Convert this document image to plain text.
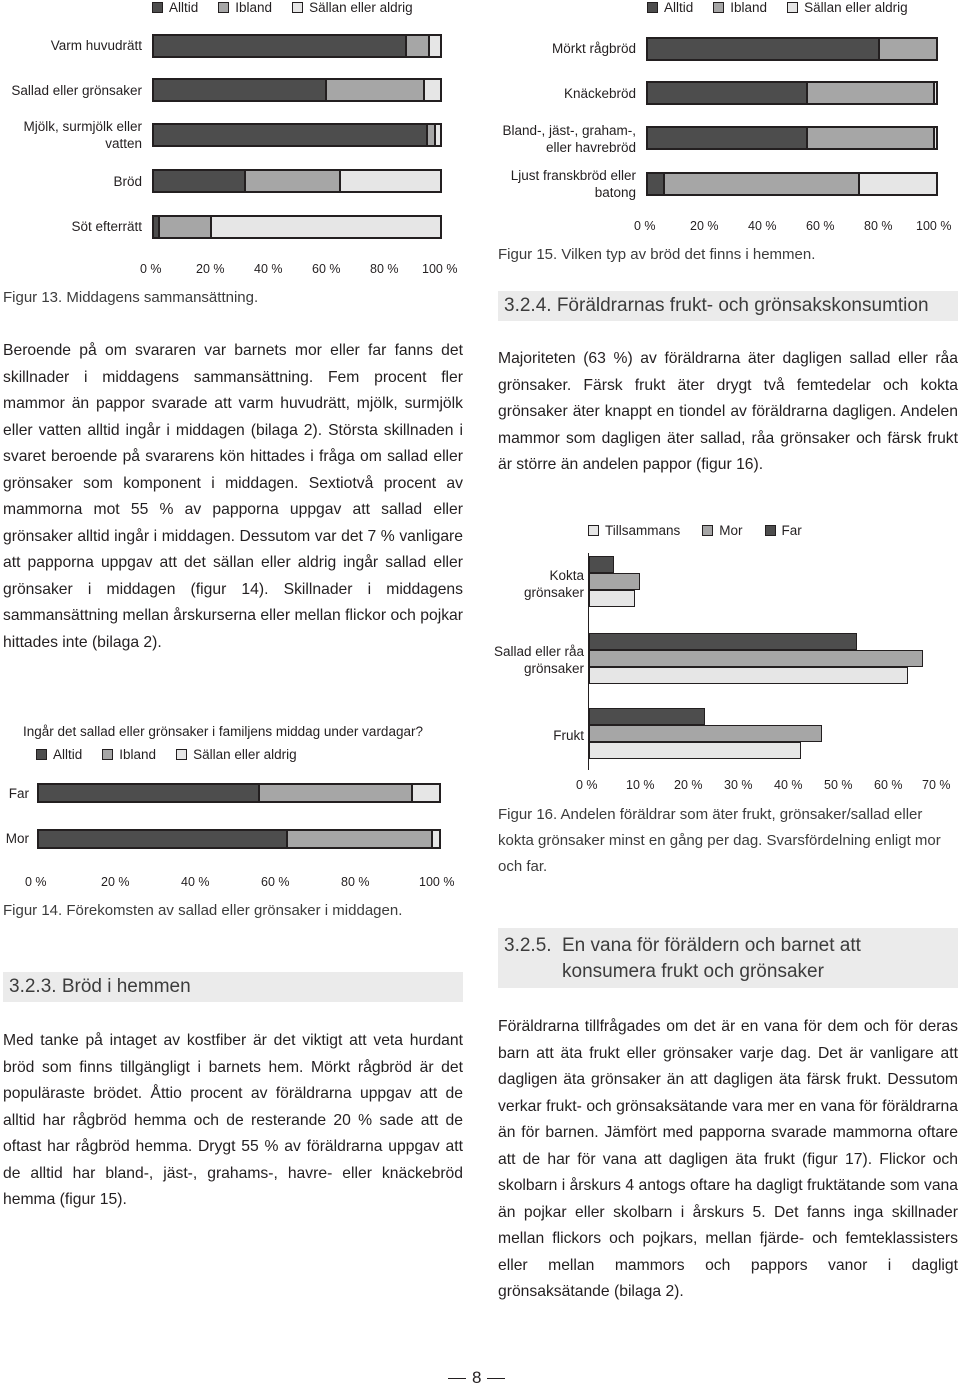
Alltid	Ibland	Sällan eller aldrig
Varm huvudrätt
Sallad eller grönsaker
Mjölk, surmjölk eller vatten
Bröd
Söt efterrätt
0 %	20 % 40 % 60 % 80 % 100 %
Figur 13. Middagens sammansättning.
Alltid	Ibland	Sällan eller aldrig
Mörkt rågbröd
Knäckebröd
Bland-, jäst-, graham-, eller havrebröd
Ljust franskbröd eller batong
0 %	20 % 40 % 60 % 80 % 100 %
Figur 15. Vilken typ av bröd det finns i hemmen.
3.2.4. Föräldrarnas frukt- och grönsakskonsumtion
Beroende på om svararen var barnets mor eller far fanns det skillnader i middagens sammansättning. Fem procent fler mammor än pappor svarade att varm huvudrätt, mjölk, surmjölk eller vatten alltid ingår i middagen (bilaga 2). Största skillnaden i svaret beroende på svararens kön hittades i fråga om sallad eller grönsaker som komponent i middagen. Sextiotvå procent av mammorna mot 55 % av papporna uppgav att sallad eller grönsaker alltid ingår i middagen. Dessutom var det 7 % vanligare att papporna uppgav att det sällan eller aldrig ingår sallad eller grönsaker i middagen (figur 14). Skillnader i middagens sammansättning mellan årskurserna eller mellan flickor och pojkar hittades inte (bilaga 2).
Majoriteten (63 %) av föräldrarna äter dagligen sallad eller råa grönsaker. Färsk frukt äter drygt två femtedelar och kokta grönsaker äter knappt en tiondel av föräldrarna dagligen. Andelen mammor som dagligen äter sallad, råa grönsaker och färsk frukt är större än andelen pappor (figur 16).
Tillsammans	Mor	Far
Kokta grönsaker
Sallad eller råa grönsaker
Frukt
0 % 10 % 20 % 30 % 40 % 50 % 60 % 70 %
Figur 16. Andelen föräldrar som äter frukt, grönsaker/sallad eller kokta grönsaker minst en gång per dag. Svarsfördelning enligt mor och far.
Ingår det sallad eller grönsaker i familjens middag under vardagar?
Alltid	Ibland	Sällan eller aldrig
Far
Mor
0 %	20 %	40 %	60 %	80 %	100 %
Figur 14. Förekomsten av sallad eller grönsaker i middagen.
3.2.3. Bröd i hemmen
Med tanke på intaget av kostfiber är det viktigt att veta hurdant bröd som finns tillgängligt i barnets hem. Mörkt rågbröd är det populäraste brödet. Åttio procent av föräldrarna uppgav att de alltid har rågbröd hemma och de resterande 20 % sade att de oftast har rågbröd hemma. Drygt 55 % av föräldrarna uppgav att de alltid har bland-, jäst-, grahams-, havre- eller knäckebröd hemma (figur 15).
3.2.5. En vana för föräldern och barnet att konsumera frukt och grönsaker
Föräldrarna tillfrågades om det är en vana för dem och för deras barn att äta frukt eller grönsaker varje dag. Det är vanligare att dagligen äta grönsaker än att dagligen äta färsk frukt. Dessutom verkar frukt- och grönsaksätande vara mer en vana för föräldrarna än för barnen. Jämfört med papporna svarade mammorna oftare att de har för vana att dagligen äta frukt (figur 17). Flickor och skolbarn i årskurs 4 antogs oftare ha dagligt fruktätande som vana än pojkar eller skolbarn i årskurs 5. Det fanns inga skillnader mellan flickors och pojkars, mellan fjärde- och femteklassisters eller mellan mammors och pappors vanor i dagligt grönsaksätande (bilaga 2).
8
